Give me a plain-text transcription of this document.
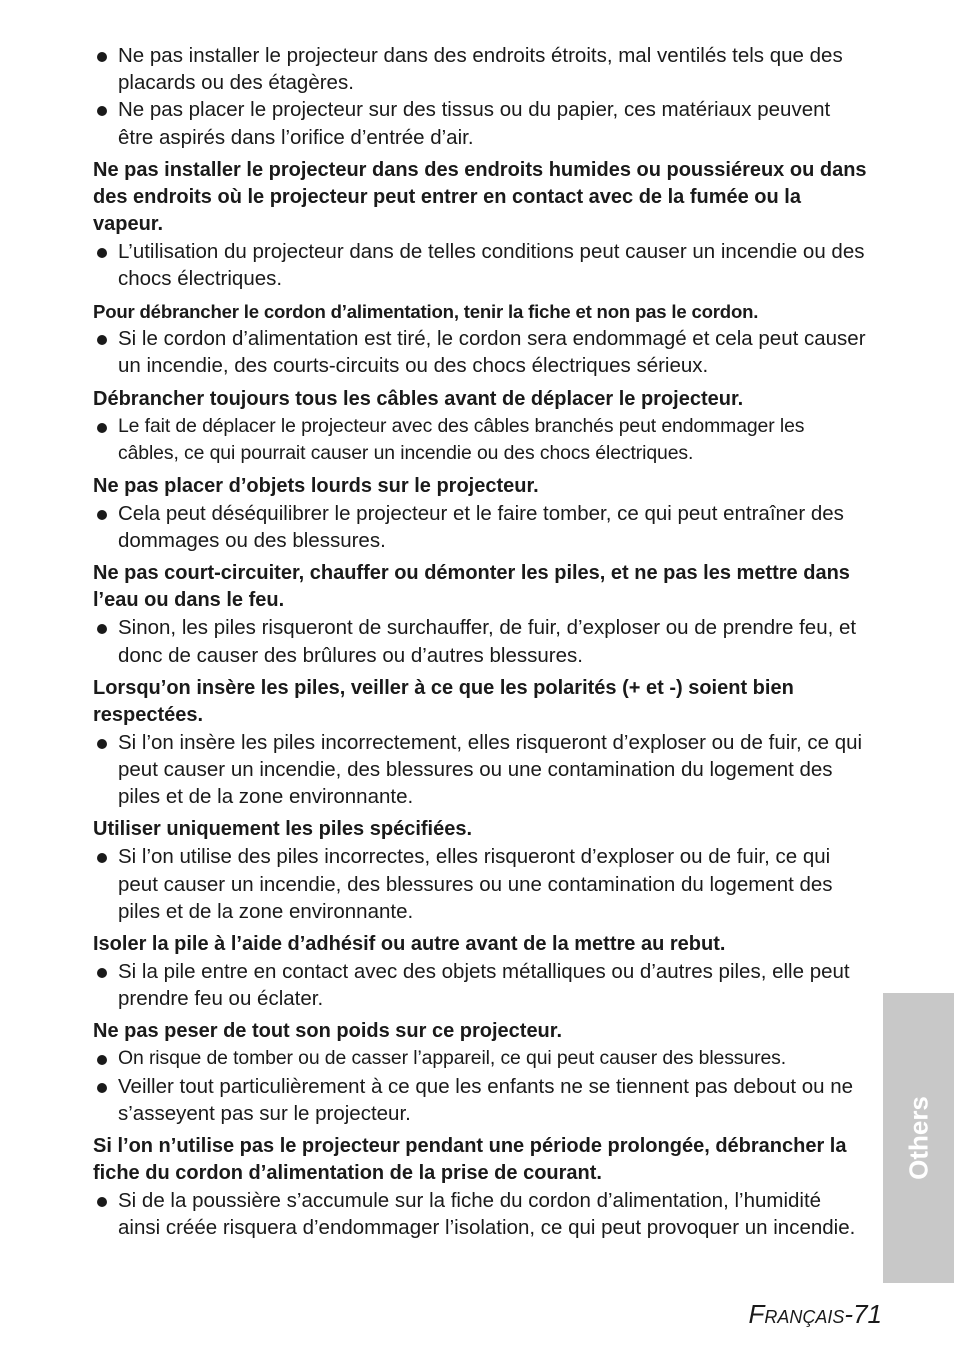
Ne pas installer le projecteur dans des endroits étroits, mal ventilés tels que des placards ou des étagères.

Ne pas placer le projecteur sur des tissus ou du papier, ces matériaux peuvent être aspirés dans l’orifice d’entrée d’air.

Ne pas installer le projecteur dans des endroits humides ou poussiéreux ou dans des endroits où le projecteur peut entrer en contact avec de la fumée ou la vapeur.

L’utilisation du projecteur dans de telles conditions peut causer un incendie ou des chocs électriques.

Pour débrancher le cordon d’alimentation, tenir la fiche et non pas le cordon.

Si le cordon d’alimentation est tiré, le cordon sera endommagé et cela peut causer un incendie, des courts-circuits ou des chocs électriques sérieux.

Débrancher toujours tous les câbles avant de déplacer le projecteur.

Le fait de déplacer le projecteur avec des câbles branchés peut endommager les câbles, ce qui pourrait causer un incendie ou des chocs électriques.

Ne pas placer d’objets lourds sur le projecteur.

Cela peut déséquilibrer le projecteur et le faire tomber, ce qui peut entraîner des dommages ou des blessures.

Ne pas court-circuiter, chauffer ou démonter les piles, et ne pas les mettre dans l’eau ou dans le feu.

Sinon, les piles risqueront de surchauffer, de fuir, d’exploser ou de prendre feu, et donc de causer des brûlures ou d’autres blessures.

Lorsqu’on insère les piles, veiller à ce que les polarités (+ et -) soient bien respectées.

Si l’on insère les piles incorrectement, elles risqueront d’exploser ou de fuir, ce qui peut causer un incendie, des blessures ou une contamination du logement des piles et de la zone environnante.

Utiliser uniquement les piles spécifiées.

Si l’on utilise des piles incorrectes, elles risqueront d’exploser ou de fuir, ce qui peut causer un incendie, des blessures ou une contamination du logement des piles et de la zone environnante.

Isoler la pile à l’aide d’adhésif ou autre avant de la mettre au rebut.

Si la pile entre en contact avec des objets métalliques ou d’autres piles, elle peut prendre feu ou éclater.

Ne pas peser de tout son poids sur ce projecteur.

On risque de tomber ou de casser l’appareil, ce qui peut causer des blessures.

Veiller tout particulièrement à ce que les enfants ne se tiennent pas debout ou ne s’asseyent pas sur le projecteur.

Si l’on n’utilise pas le projecteur pendant une période prolongée, débrancher la fiche du cordon d’alimentation de la prise de courant.

Si de la poussière s’accumule sur la fiche du cordon d’alimentation, l’humidité ainsi créée risquera d’endommager l’isolation, ce qui peut provoquer un incendie.

Others
Français-71
